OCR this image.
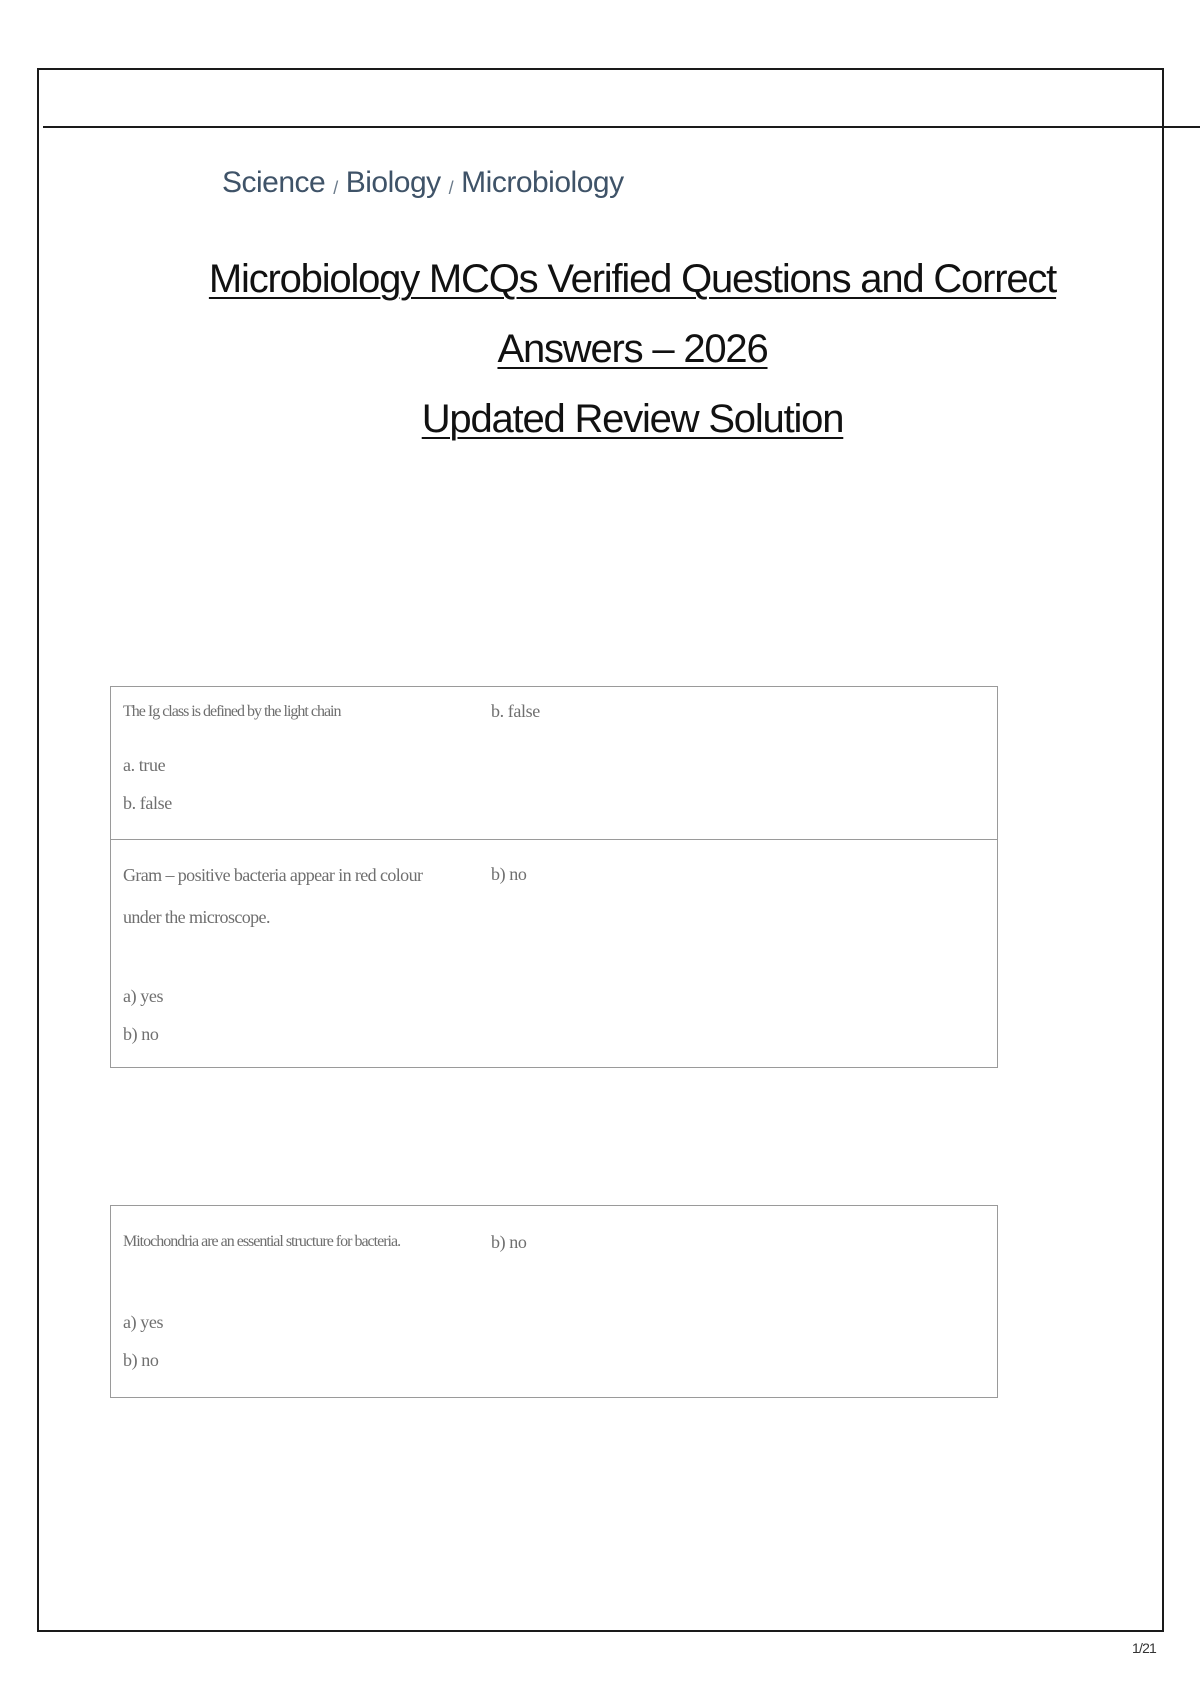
Science / Biology / Microbiology
Microbiology MCQs Verified Questions and Correct Answers – 2026
Updated Review Solution
The Ig class is defined by the light chain
a. true
b. false
b. false
Gram – positive bacteria appear in red colour under the microscope.
a) yes
b) no
b) no
Mitochondria are an essential structure for bacteria.
a) yes
b) no
b) no
1/21
